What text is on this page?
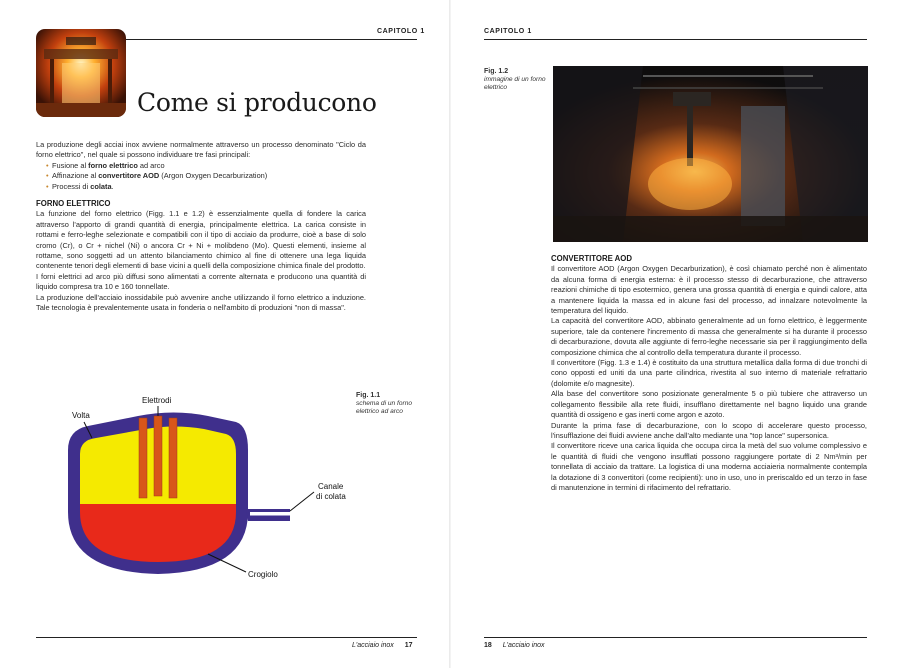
CAPITOLO 1
Come si producono

La produzione degli acciai inox avviene normalmente attraverso un processo denominato "Ciclo da forno elettrico", nel quale si possono individuare tre fasi principali:

• Fusione al forno elettrico ad arco
• Affinazione al convertitore AOD (Argon Oxygen Decarburization)
• Processi di colata.
FORNO ELETTRICO

La funzione del forno elettrico (Figg. 1.1 e 1.2) è essenzialmente quella di fondere la carica attraverso l'apporto di grandi quantità di energia, principalmente elettrica. La carica consiste in rottami e ferro-leghe selezionate e compatibili con il tipo di acciaio da produrre, cioè a base di solo cromo (Cr), o Cr + nichel (Ni) o ancora Cr + Ni + molibdeno (Mo). Questi elementi, insieme al rottame, sono soggetti ad un attento bilanciamento chimico al fine di ottenere una lega liquida contenente tenori degli elementi di base vicini a quelli della composizione chimica finale del prodotto.

I forni elettrici ad arco più diffusi sono alimentati a corrente alternata e producono una quantità di liquido compresa tra 10 e 160 tonnellate.

La produzione dell'acciaio inossidabile può avvenire anche utilizzando il forno elettrico a induzione. Tale tecnologia è prevalentemente usata in fonderia o nell'ambito di produzioni "non di massa".

Fig. 1.1
schema di un forno elettrico ad arco
Elettrodi
Volta
Canale
di colata
Crogiolo
L'acciaio inox 17
CAPITOLO 1
Fig. 1.2
immagine di un forno elettrico
CONVERTITORE AOD

Il convertitore AOD (Argon Oxygen Decarburization), è così chiamato perché non è alimentato da alcuna forma di energia esterna: è il processo stesso di decarburazione, che attraverso reazioni chimiche di tipo esotermico, genera una grossa quantità di energia e quindi calore, atta a mantenere liquida la massa ed in alcune fasi del processo, ad innalzare notevolmente la temperatura del liquido.

La capacità del convertitore AOD, abbinato generalmente ad un forno elettrico, è leggermente superiore, tale da contenere l'incremento di massa che generalmente si ha durante il processo di decarburazione, dovuta alle aggiunte di ferro-leghe necessarie sia per il raggiungimento della composizione chimica che al controllo della temperatura durante il processo.

Il convertitore (Figg. 1.3 e 1.4) è costituito da una struttura metallica dalla forma di due tronchi di cono opposti ed uniti da una parte cilindrica, rivestita al suo interno di materiale refrattario (dolomite e/o magnesite).

Alla base del convertitore sono posizionate generalmente 5 o più tubiere che attraverso un collegamento flessibile alla rete fluidi, insufflano direttamente nel bagno liquido una grande quantità di ossigeno e gas inerti come argon e azoto.

Durante la prima fase di decarburazione, con lo scopo di accelerare questo processo, l'insufflazione dei fluidi avviene anche dall'alto mediante una "top lance" supersonica.

Il convertitore riceve una carica liquida che occupa circa la metà del suo volume complessivo e le quantità di fluidi che vengono insufflati possono raggiungere portate di 2 Nm³/min per tonnellata di acciaio da trattare. La logistica di una moderna acciaieria normalmente contempla la dotazione di 3 convertitori (come recipienti): uno in uso, uno in preriscaldo ed un terzo in fase di manutenzione in termini di rifacimento del refrattario.

18 L'acciaio inox
